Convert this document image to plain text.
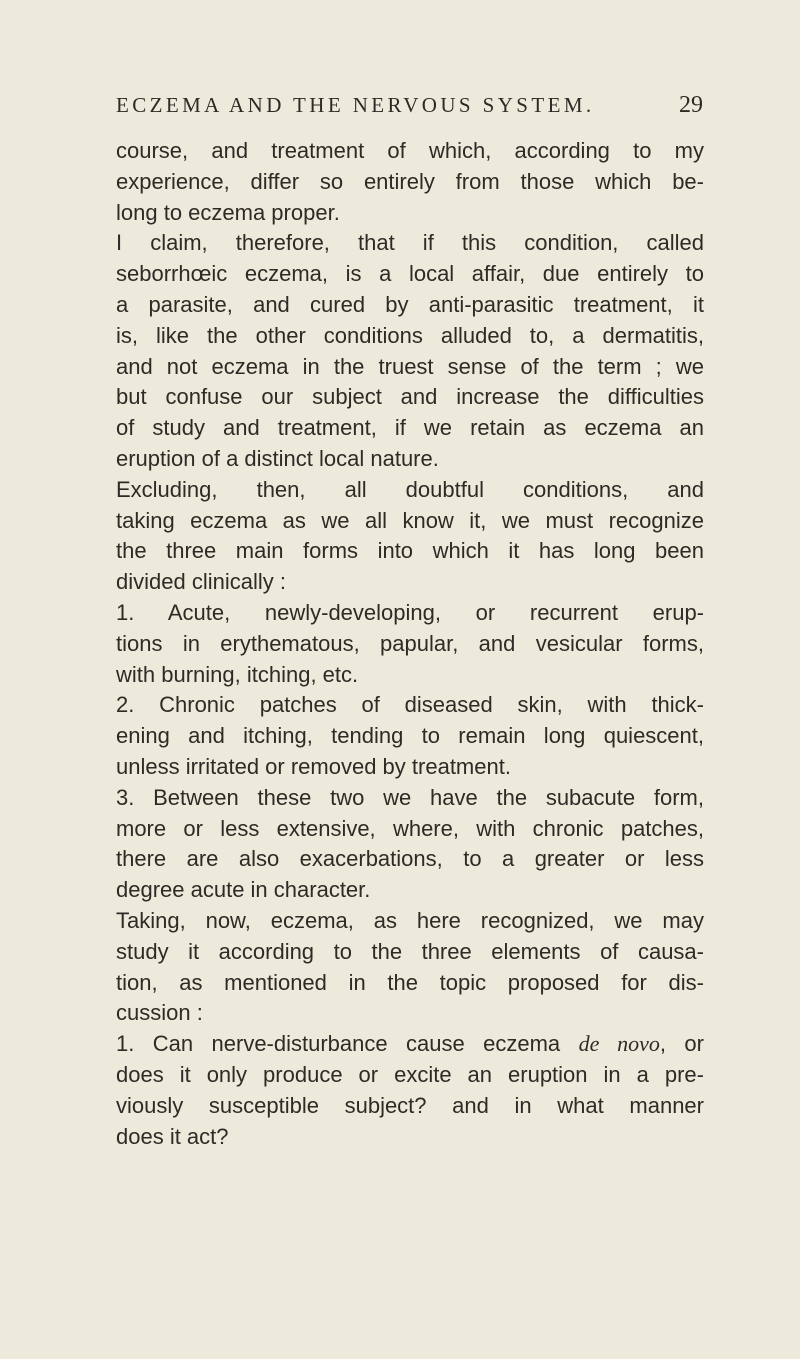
ECZEMA AND THE NERVOUS SYSTEM.	29
course, and treatment of which, according to my
experience, differ so entirely from those which be-
long to eczema proper.
I claim, therefore, that if this condition, called
seborrhœic eczema, is a local affair, due entirely to
a parasite, and cured by anti-parasitic treatment, it
is, like the other conditions alluded to, a dermatitis,
and not eczema in the truest sense of the term ; we
but confuse our subject and increase the difficulties
of study and treatment, if we retain as eczema an
eruption of a distinct local nature.
Excluding, then, all doubtful conditions, and
taking eczema as we all know it, we must recognize
the three main forms into which it has long been
divided clinically :
1. Acute, newly-developing, or recurrent erup-
tions in erythematous, papular, and vesicular forms,
with burning, itching, etc.
2. Chronic patches of diseased skin, with thick-
ening and itching, tending to remain long quiescent,
unless irritated or removed by treatment.
3. Between these two we have the subacute form,
more or less extensive, where, with chronic patches,
there are also exacerbations, to a greater or less
degree acute in character.
Taking, now, eczema, as here recognized, we may
study it according to the three elements of causa-
tion, as mentioned in the topic proposed for dis-
cussion :
1. Can nerve-disturbance cause eczema de novo, or
does it only produce or excite an eruption in a pre-
viously susceptible subject? and in what manner
does it act?
